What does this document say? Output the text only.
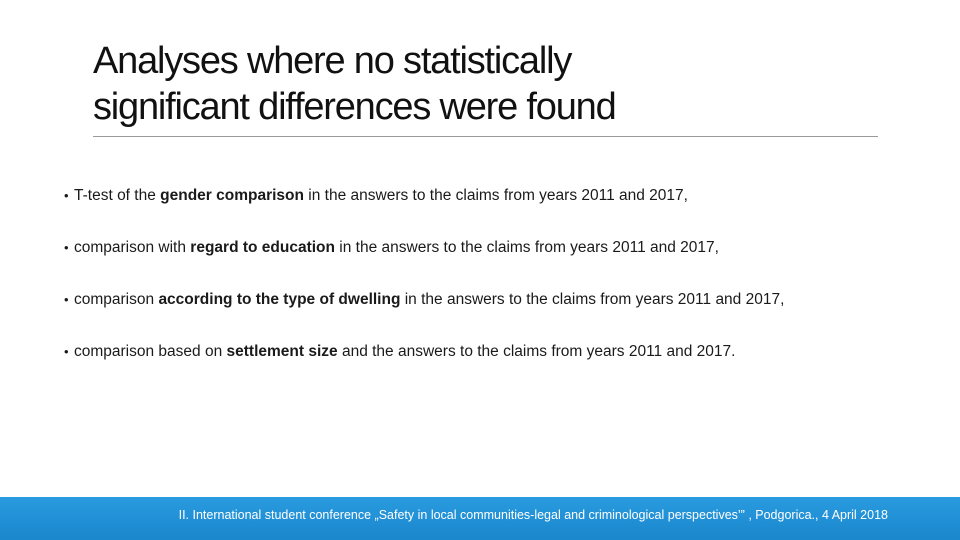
Analyses where no statistically
significant differences were found
• T-test of the gender comparison in the answers to the claims from years 2011 and 2017,
• comparison with regard to education in the answers to the claims from years 2011 and 2017,
• comparison according to the type of dwelling in the answers to the claims from years 2011 and 2017,
• comparison based on settlement size and the answers to the claims from years 2011 and 2017.
II. International student conference „Safety in local communities-legal and criminological perspectives’” , Podgorica., 4 April 2018
